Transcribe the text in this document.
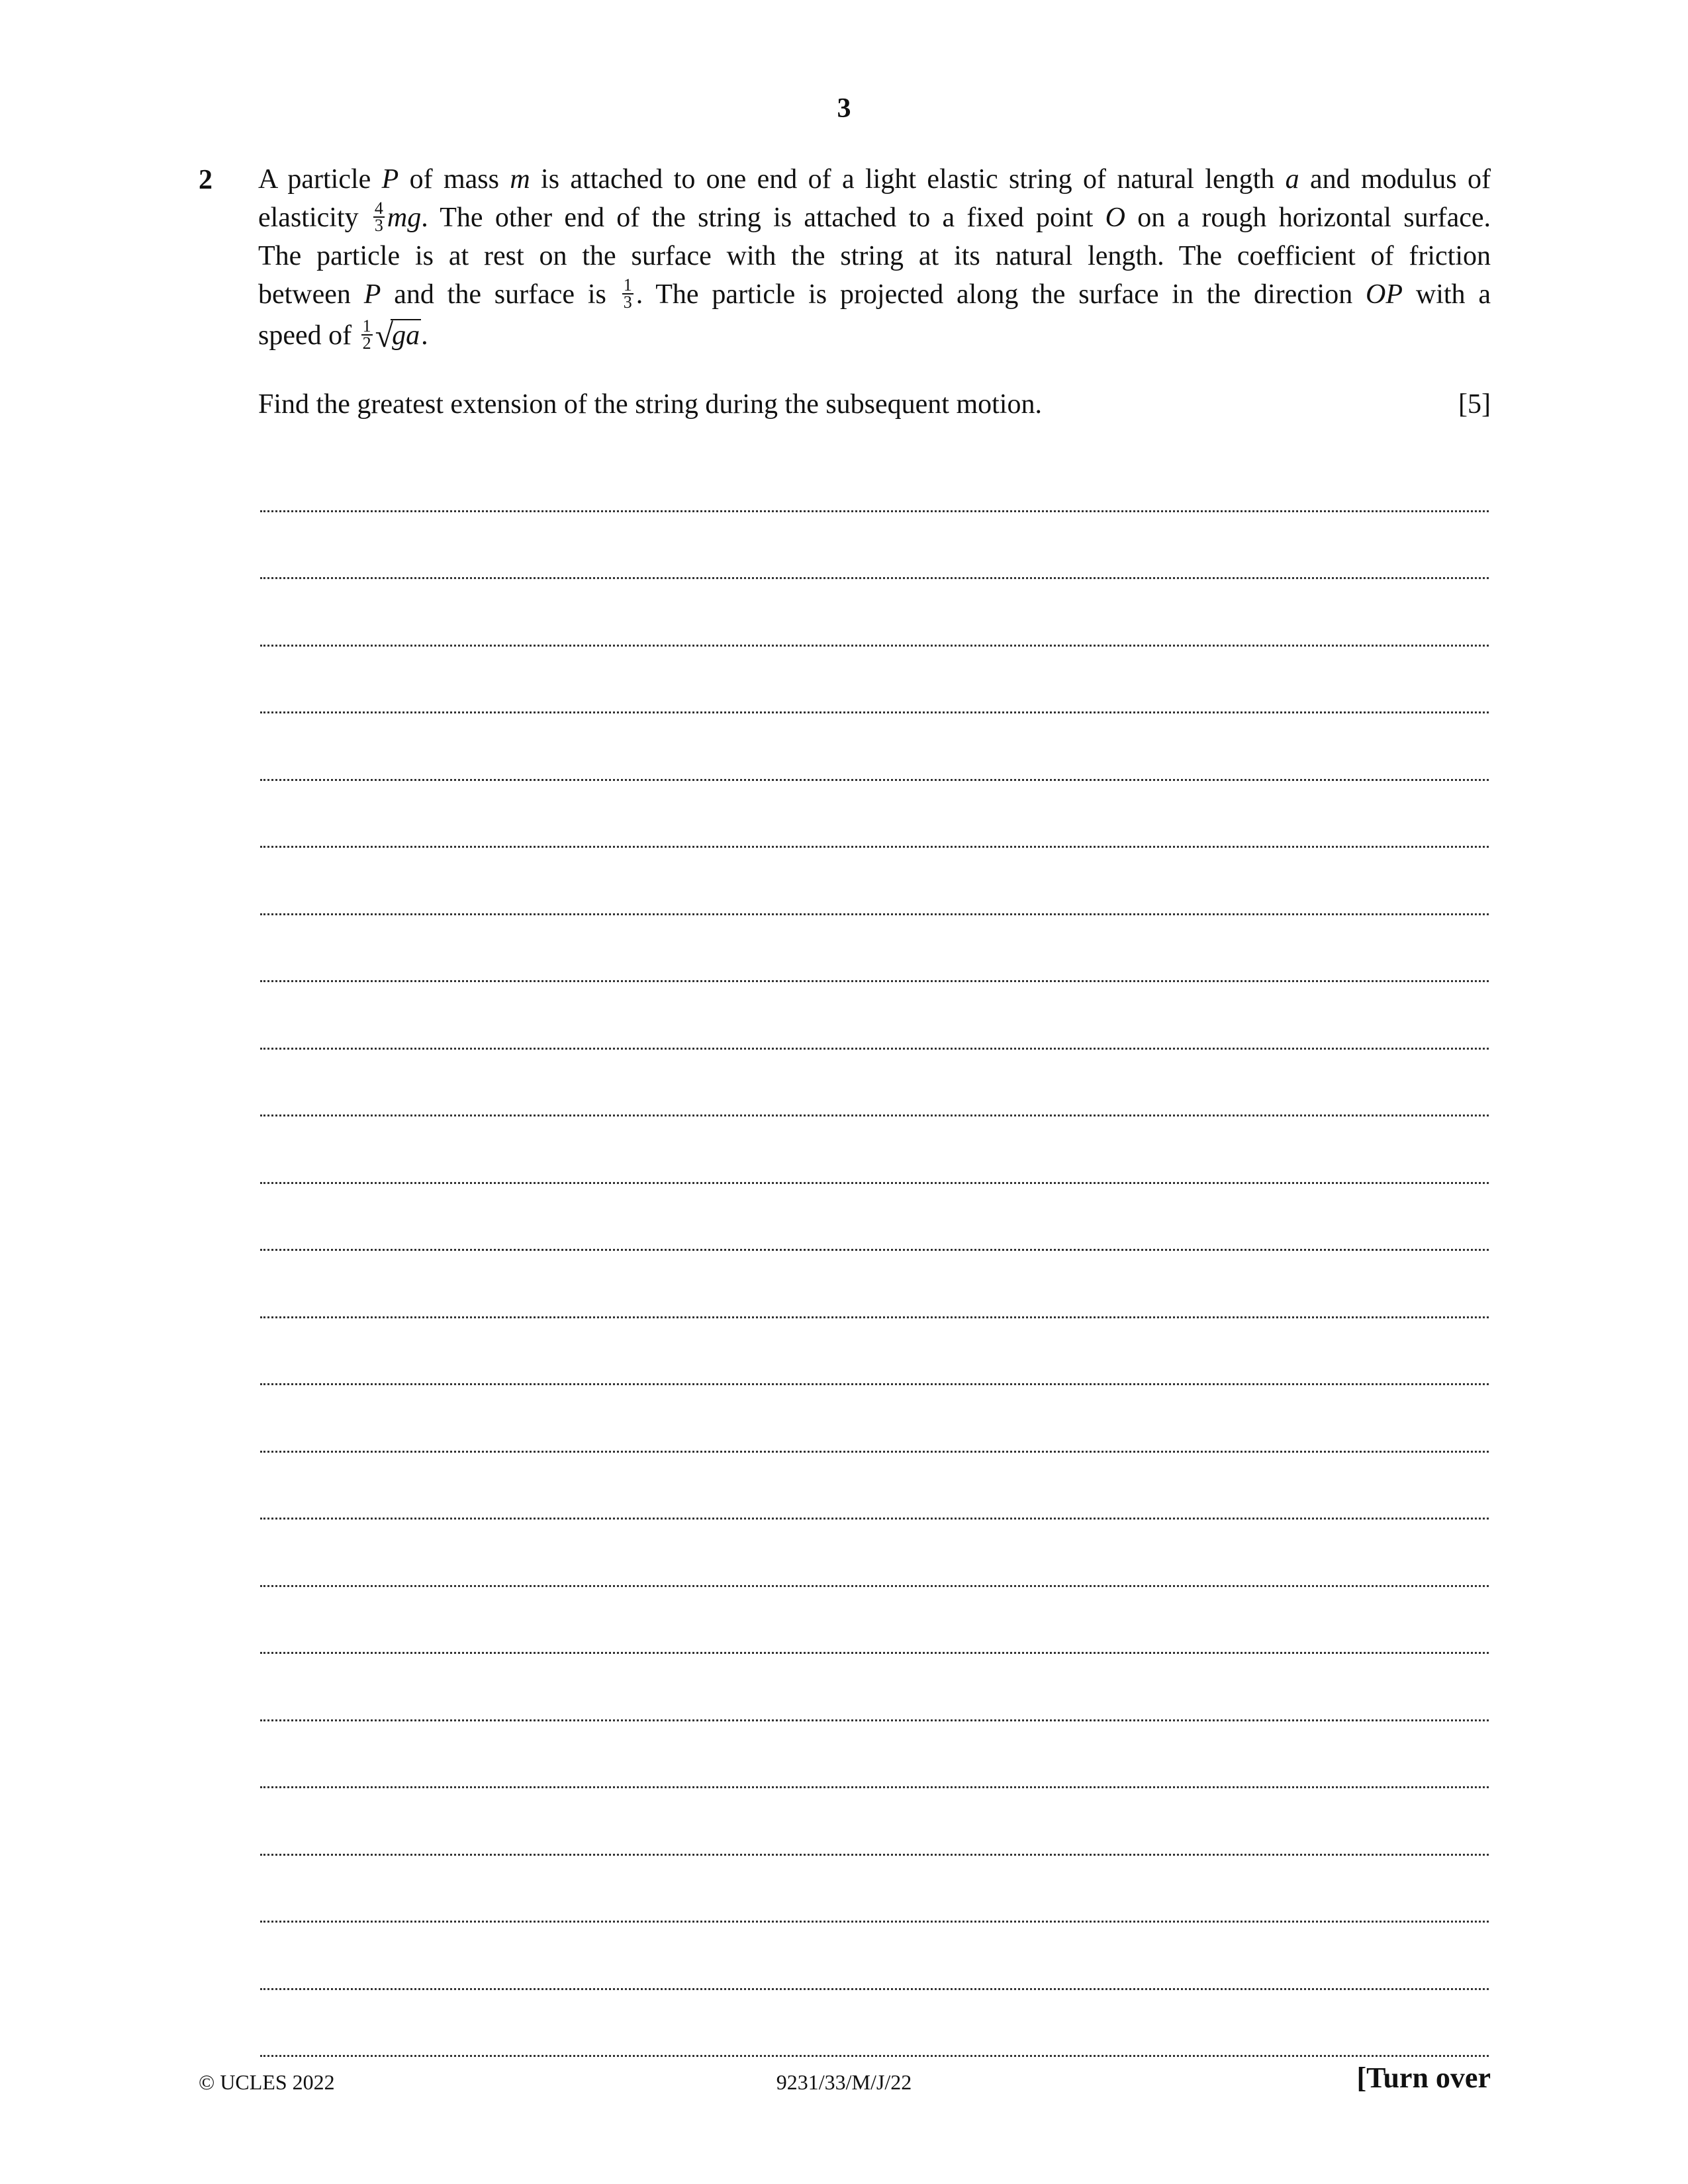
3
2 A particle P of mass m is attached to one end of a light elastic string of natural length a and modulus of
elasticity $\frac{4}{3}$ mg. The other end of the string is attached to a fixed point O on a rough horizontal surface.
The particle is at rest on the surface with the string at its natural length. The coefficient of friction
between P and the surface is $\frac{1}{3}$ . The particle is projected along the surface in the direction OP with a
speed of $\frac{1}{2} √ga$.
Find the greatest extension of the string during the subsequent motion.	[5]
© UCLES 2022	9231/33/M/J/22	[Turn over
